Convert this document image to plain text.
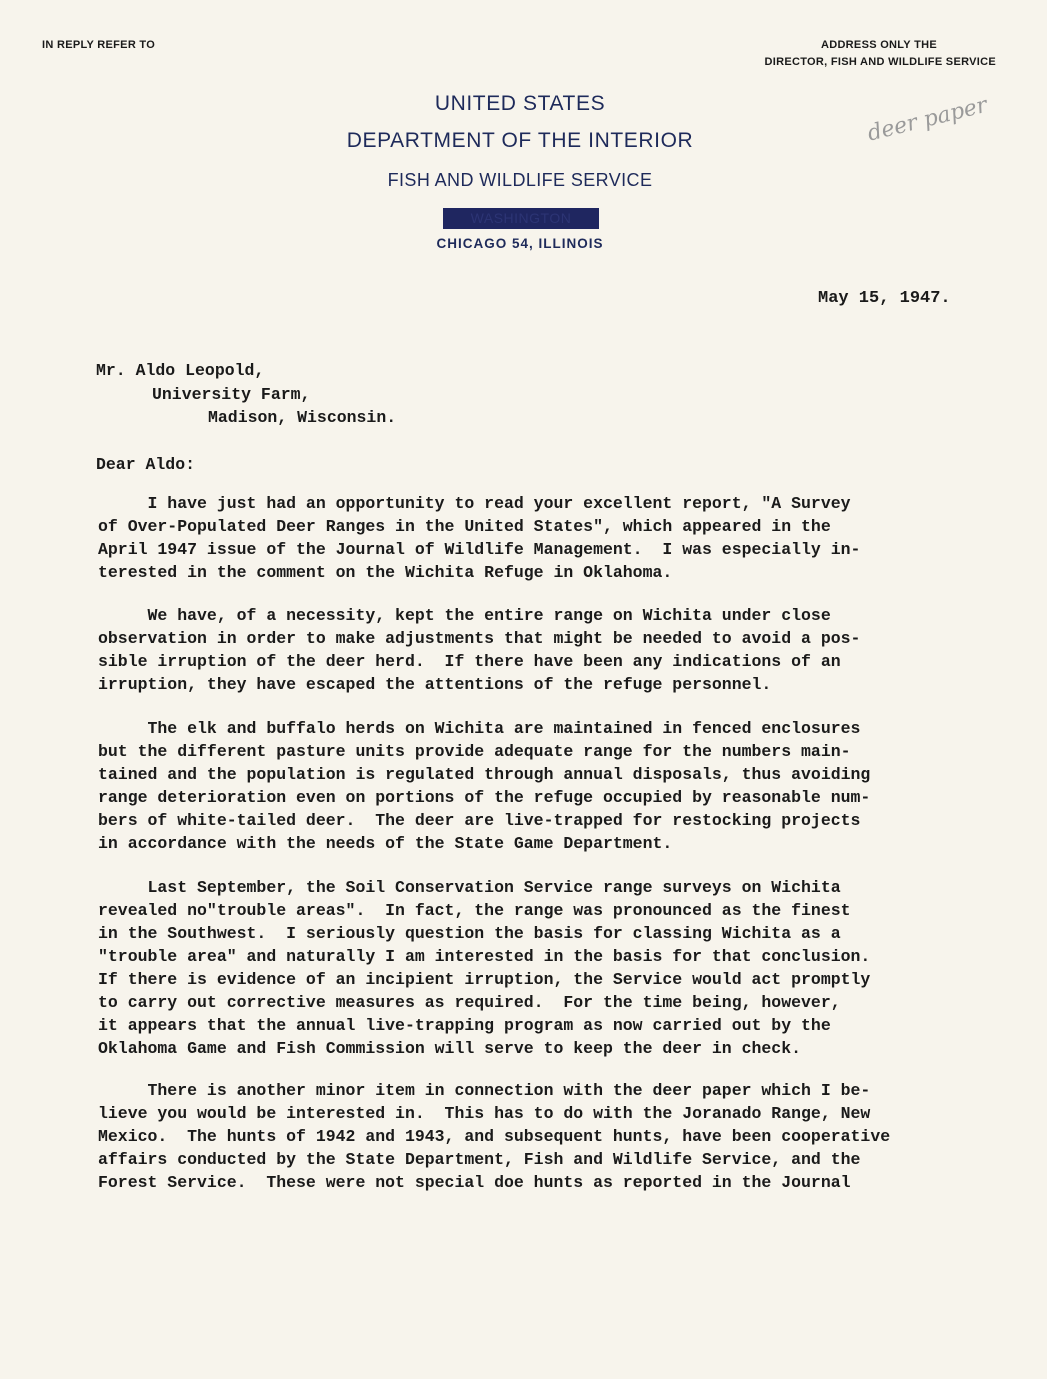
IN REPLY REFER TO	ADDRESS ONLY THE
DIRECTOR, FISH AND WILDLIFE SERVICE
UNITED STATES
DEPARTMENT OF THE INTERIOR
FISH AND WILDLIFE SERVICE
WASHINGTON
CHICAGO 54, ILLINOIS
deer paper
May 15, 1947.
Mr. Aldo Leopold,
University Farm,
Madison, Wisconsin.
Dear Aldo:
I have just had an opportunity to read your excellent report, "A Survey
of Over-Populated Deer Ranges in the United States", which appeared in the
April 1947 issue of the Journal of Wildlife Management.  I was especially in-
terested in the comment on the Wichita Refuge in Oklahoma.
We have, of a necessity, kept the entire range on Wichita under close
observation in order to make adjustments that might be needed to avoid a pos-
sible irruption of the deer herd.  If there have been any indications of an
irruption, they have escaped the attentions of the refuge personnel.
The elk and buffalo herds on Wichita are maintained in fenced enclosures
but the different pasture units provide adequate range for the numbers main-
tained and the population is regulated through annual disposals, thus avoiding
range deterioration even on portions of the refuge occupied by reasonable num-
bers of white-tailed deer.  The deer are live-trapped for restocking projects
in accordance with the needs of the State Game Department.
Last September, the Soil Conservation Service range surveys on Wichita
revealed no"trouble areas".  In fact, the range was pronounced as the finest
in the Southwest.  I seriously question the basis for classing Wichita as a
"trouble area" and naturally I am interested in the basis for that conclusion.
If there is evidence of an incipient irruption, the Service would act promptly
to carry out corrective measures as required.  For the time being, however,
it appears that the annual live-trapping program as now carried out by the
Oklahoma Game and Fish Commission will serve to keep the deer in check.
There is another minor item in connection with the deer paper which I be-
lieve you would be interested in.  This has to do with the Joranado Range, New
Mexico.  The hunts of 1942 and 1943, and subsequent hunts, have been cooperative
affairs conducted by the State Department, Fish and Wildlife Service, and the
Forest Service.  These were not special doe hunts as reported in the Journal
